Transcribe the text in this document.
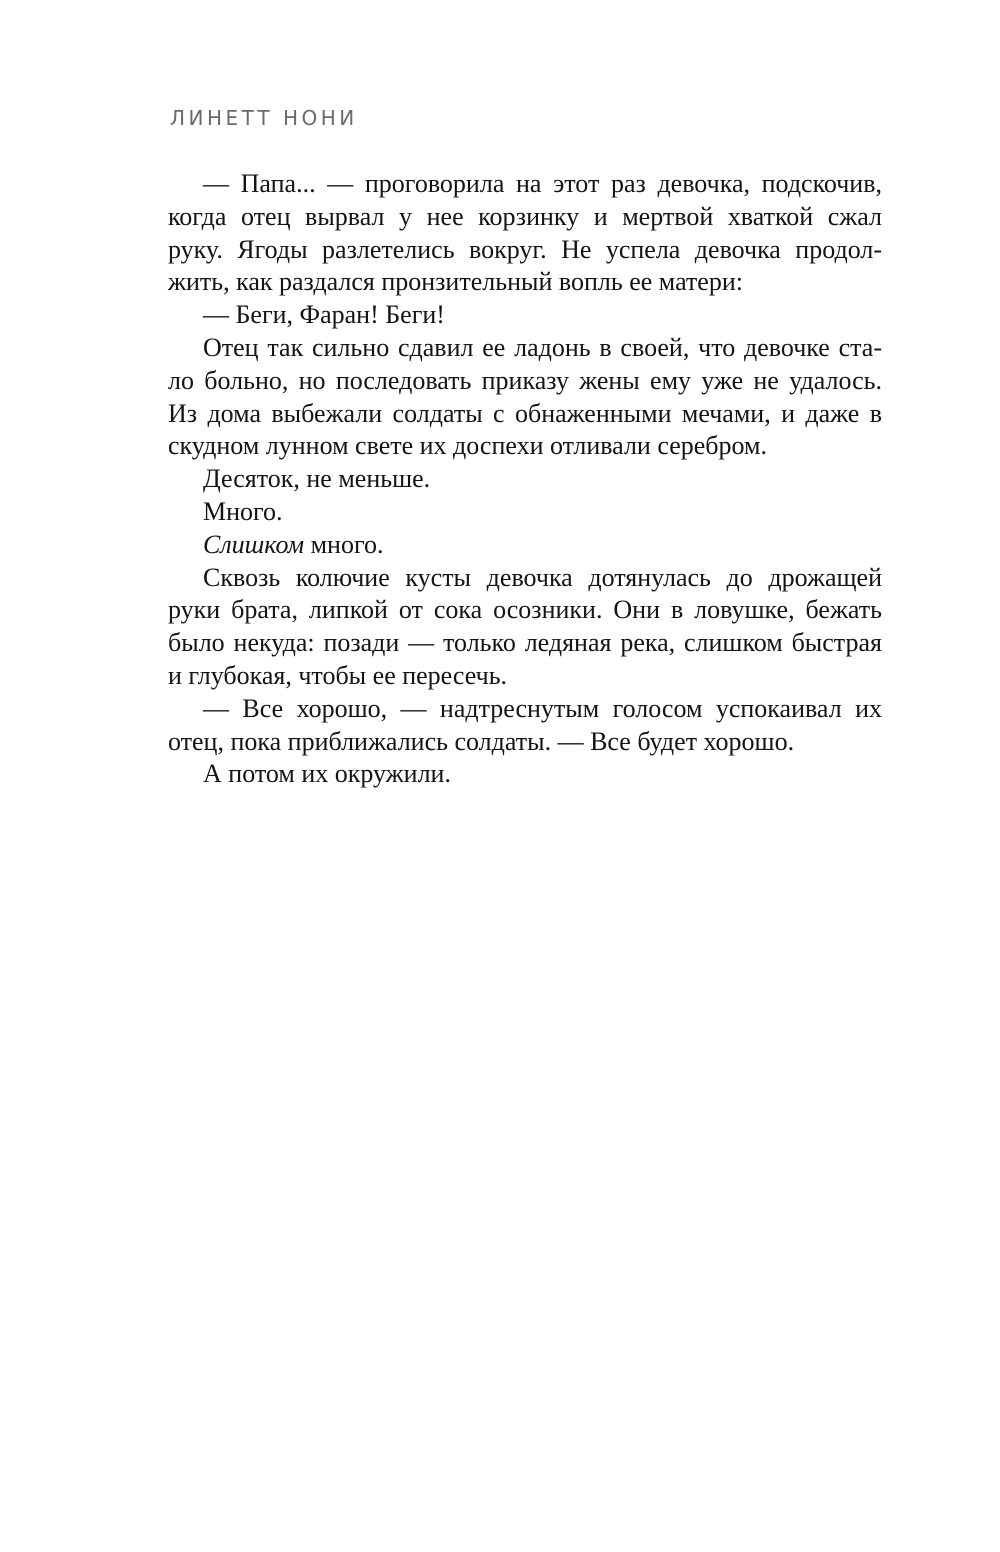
ЛИНЕТТ НОНИ
— Папа... — проговорила на этот раз девочка, подскочив,
когда отец вырвал у нее корзинку и мертвой хваткой сжал
руку. Ягоды разлетелись вокруг. Не успела девочка продол-
жить, как раздался пронзительный вопль ее матери:
— Беги, Фаран! Беги!
Отец так сильно сдавил ее ладонь в своей, что девочке ста-
ло больно, но последовать приказу жены ему уже не удалось.
Из дома выбежали солдаты с обнаженными мечами, и даже в
скудном лунном свете их доспехи отливали серебром.
Десяток, не меньше.
Много.
Слишком много.
Сквозь колючие кусты девочка дотянулась до дрожащей
руки брата, липкой от сока осозники. Они в ловушке, бежать
было некуда: позади — только ледяная река, слишком быстрая
и глубокая, чтобы ее пересечь.
— Все хорошо, — надтреснутым голосом успокаивал их
отец, пока приближались солдаты. — Все будет хорошо.
А потом их окружили.
